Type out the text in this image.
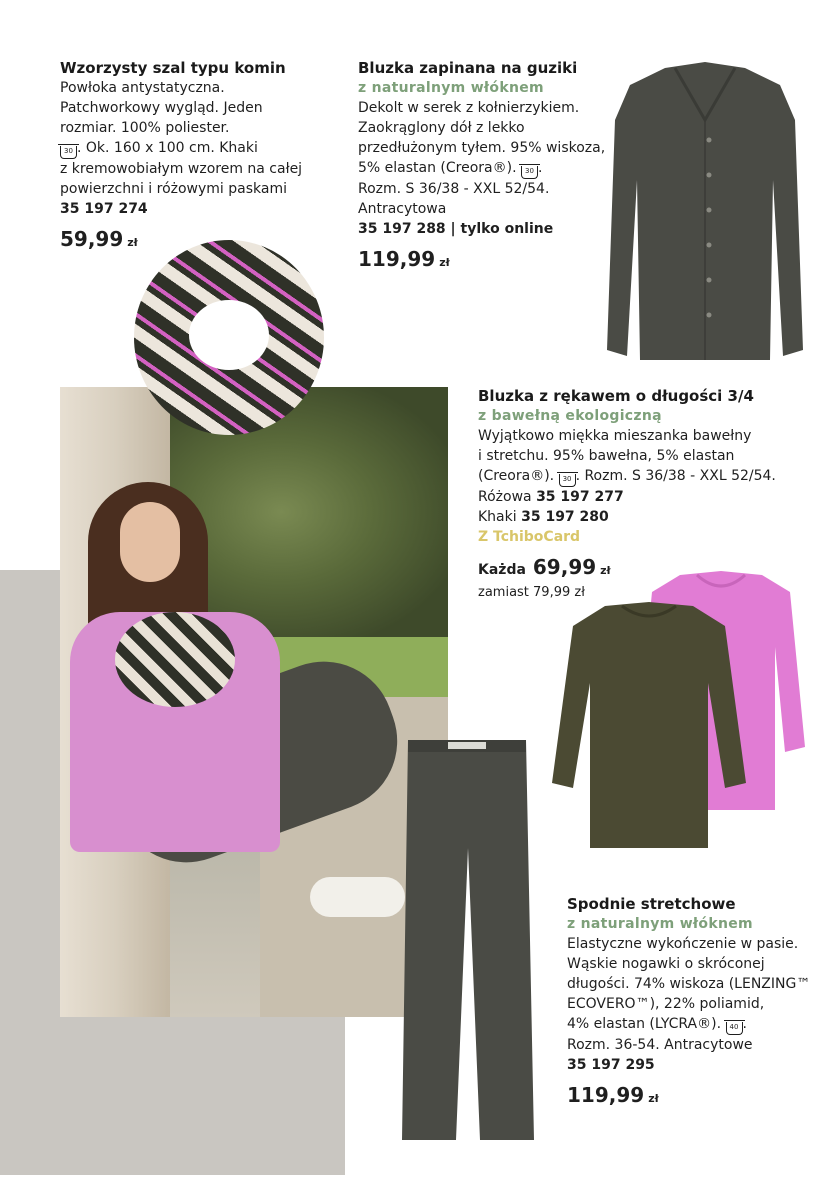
Wzorzysty szal typu komin
Powłoka antystatyczna.
Patchworkowy wygląd. Jeden
rozmiar. 100% poliester.
30 . Ok. 160 x 100 cm. Khaki
z kremowobiałym wzorem na całej
powierzchni i różowymi paskami
35 197 274
59,99 zł
Bluzka zapinana na guziki
z naturalnym włóknem
Dekolt w serek z kołnierzykiem.
Zaokrąglony dół z lekko
przedłużonym tyłem. 95% wiskoza,
5% elastan (Creora®). 30 .
Rozm. S 36/38 - XXL 52/54.
Antracytowa
35 197 288 | tylko online
119,99 zł
Bluzka z rękawem o długości 3/4
z bawełną ekologiczną
Wyjątkowo miękka mieszanka bawełny
i stretchu. 95% bawełna, 5% elastan
(Creora®). 30 . Rozm. S 36/38 - XXL 52/54.
Różowa 35 197 277
Khaki 35 197 280
Z TchiboCard
Każda 69,99 zł
zamiast 79,99 zł
Spodnie stretchowe
z naturalnym włóknem
Elastyczne wykończenie w pasie.
Wąskie nogawki o skróconej
długości. 74% wiskoza (LENZING™
ECOVERO™), 22% poliamid,
4% elastan (LYCRA®). 40 .
Rozm. 36-54. Antracytowe
35 197 295
119,99 zł
